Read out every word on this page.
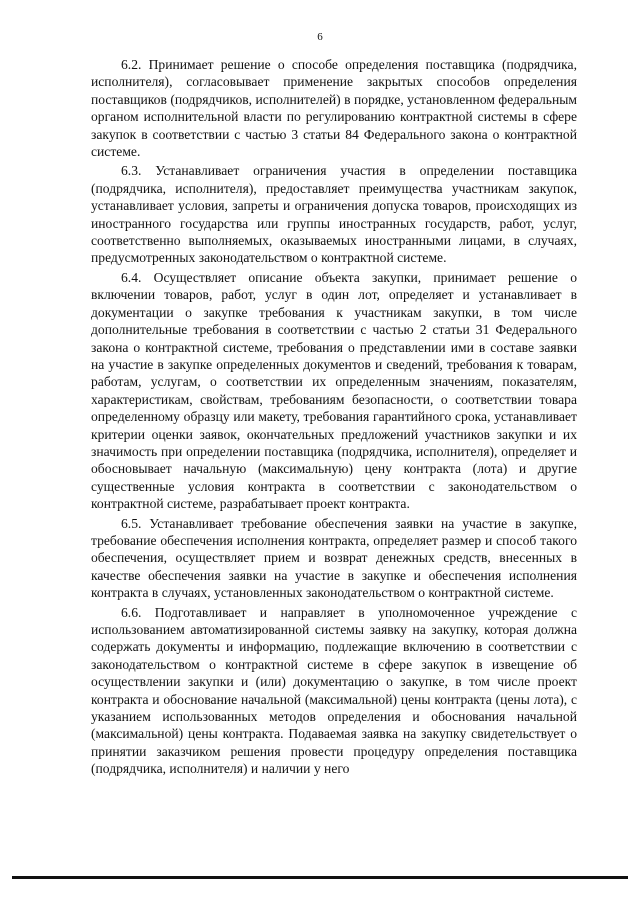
6

6.2. Принимает решение о способе определения поставщика (подрядчика, исполнителя), согласовывает применение закрытых способов определения поставщиков (подрядчиков, исполнителей) в порядке, установленном федеральным органом исполнительной власти по регулированию контрактной системы в сфере закупок в соответствии с частью 3 статьи 84 Федерального закона о контрактной системе.

6.3. Устанавливает ограничения участия в определении поставщика (подрядчика, исполнителя), предоставляет преимущества участникам закупок, устанавливает условия, запреты и ограничения допуска товаров, происходящих из иностранного государства или группы иностранных государств, работ, услуг, соответственно выполняемых, оказываемых иностранными лицами, в случаях, предусмотренных законодательством о контрактной системе.

6.4. Осуществляет описание объекта закупки, принимает решение о включении товаров, работ, услуг в один лот, определяет и устанавливает в документации о закупке требования к участникам закупки, в том числе дополнительные требования в соответствии с частью 2 статьи 31 Федерального закона о контрактной системе, требования о представлении ими в составе заявки на участие в закупке определенных документов и сведений, требования к товарам, работам, услугам, о соответствии их определенным значениям, показателям, характеристикам, свойствам, требованиям безопасности, о соответствии товара определенному образцу или макету, требования гарантийного срока, устанавливает критерии оценки заявок, окончательных предложений участников закупки и их значимость при определении поставщика (подрядчика, исполнителя), определяет и обосновывает начальную (максимальную) цену контракта (лота) и другие существенные условия контракта в соответствии с законодательством о контрактной системе, разрабатывает проект контракта.

6.5. Устанавливает требование обеспечения заявки на участие в закупке, требование обеспечения исполнения контракта, определяет размер и способ такого обеспечения, осуществляет прием и возврат денежных средств, внесенных в качестве обеспечения заявки на участие в закупке и обеспечения исполнения контракта в случаях, установленных законодательством о контрактной системе.

6.6. Подготавливает и направляет в уполномоченное учреждение с использованием автоматизированной системы заявку на закупку, которая должна содержать документы и информацию, подлежащие включению в соответствии с законодательством о контрактной системе в сфере закупок в извещение об осуществлении закупки и (или) документацию о закупке, в том числе проект контракта и обоснование начальной (максимальной) цены контракта (цены лота), с указанием использованных методов определения и обоснования начальной (максимальной) цены контракта. Подаваемая заявка на закупку свидетельствует о принятии заказчиком решения провести процедуру определения поставщика (подрядчика, исполнителя) и наличии у него
